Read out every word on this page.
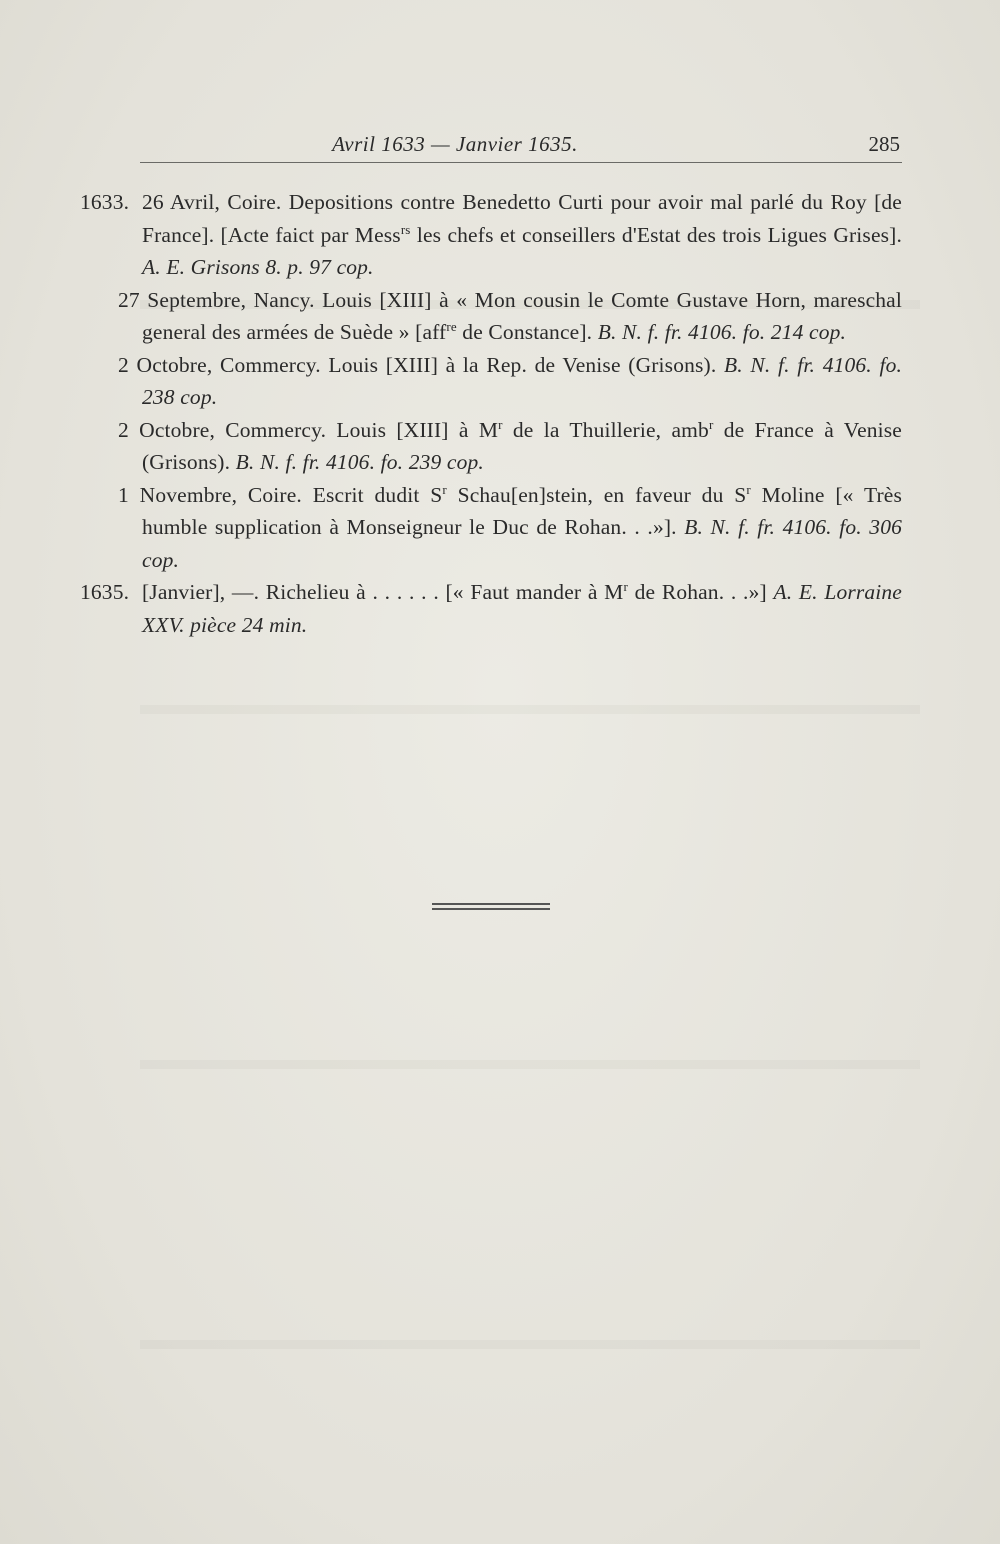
Avril 1633 — Janvier 1635.	285
1633. 26 Avril, Coire. Depositions contre Benedetto Curti pour avoir mal parlé du Roy [de France]. [Acte faict par Mess$^{rs}$ les chefs et conseillers d'Estat des trois Ligues Grises]. A. E. Grisons 8. p. 97 cop.
27 Septembre, Nancy. Louis [XIII] à « Mon cousin le Comte Gustave Horn, mareschal general des armées de Suède » [aff$^{re}$ de Constance]. B. N. f. fr. 4106. fo. 214 cop.
2 Octobre, Commercy. Louis [XIII] à la Rep. de Venise (Grisons). B. N. f. fr. 4106. fo. 238 cop.
2 Octobre, Commercy. Louis [XIII] à $M^r$ de la Thuillerie, amb$^r$ de France à Venise (Grisons). B. N. f. fr. 4106. fo. 239 cop.
1 Novembre, Coire. Escrit dudit $S^r$ Schau[en]stein, en faveur du $S^r$ Moline [« Très humble supplication à Monseigneur le Duc de Rohan. . .»]. B. N. f. fr. 4106. fo. 306 cop.
1635. [Janvier], —. Richelieu à . . . . . . [« Faut mander à $M^r$ de Rohan. . .»] A. E. Lorraine XXV. pièce 24 min.
